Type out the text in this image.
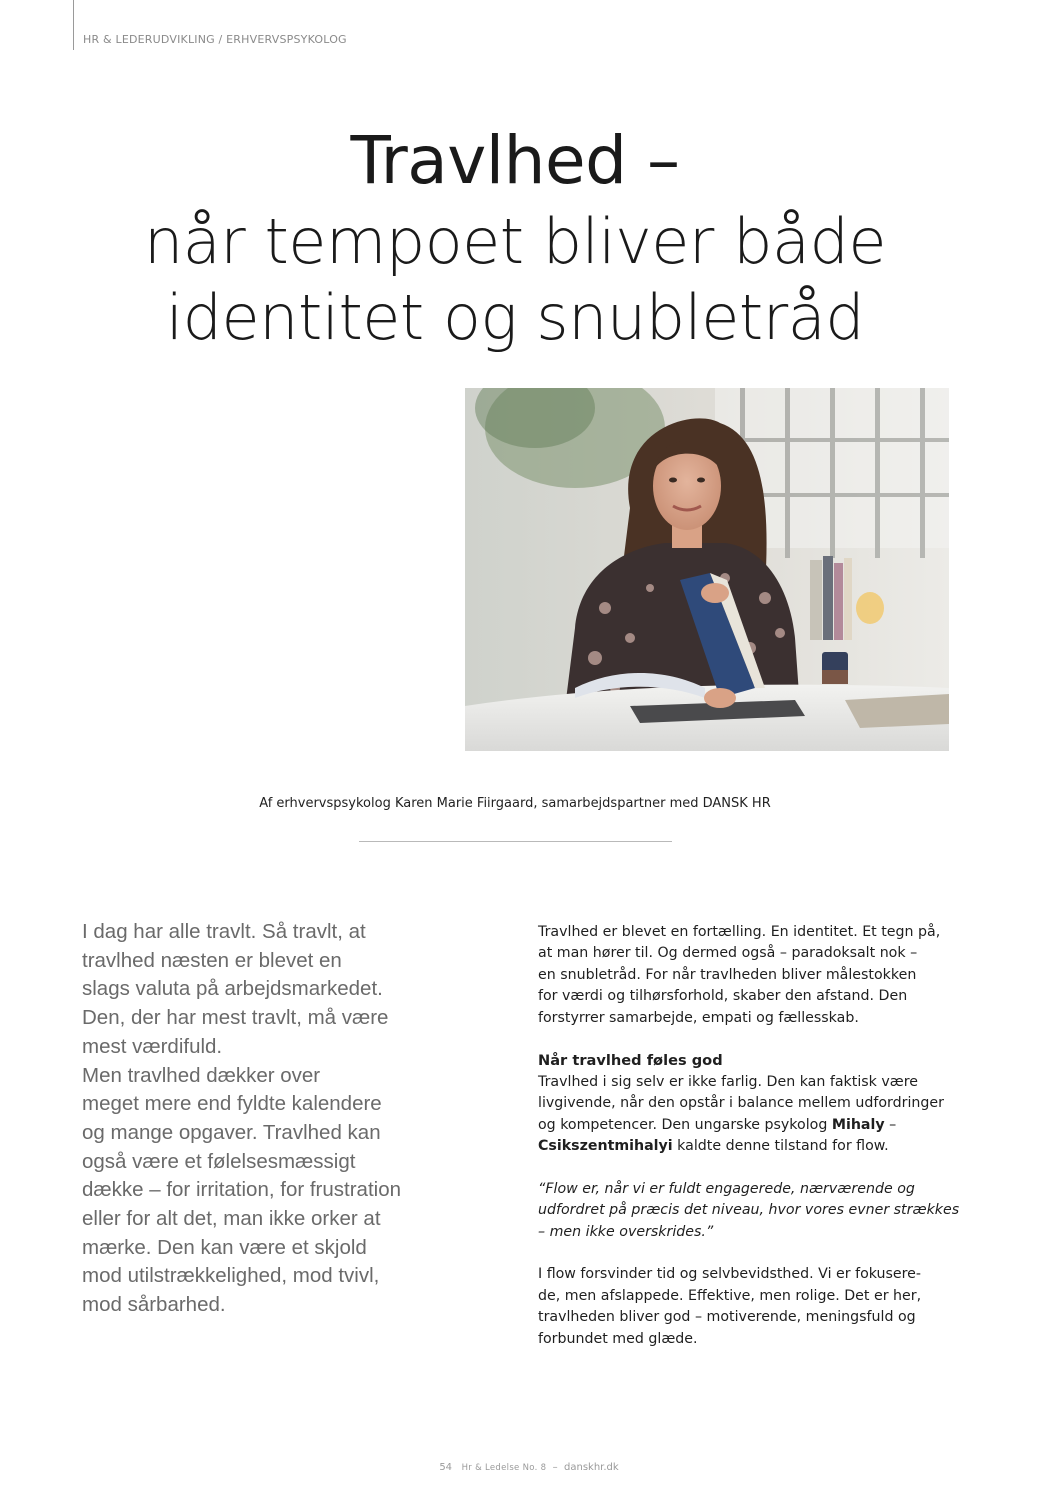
HR & LEDERUDVIKLING / ERHVERVSPSYKOLOG
Travlhed –
når tempoet bliver både
identitet og snubletråd
Af erhvervspsykolog Karen Marie Fiirgaard, samarbejdspartner med DANSK HR

I dag har alle travlt. Så travlt, at

travlhed næsten er blevet en

slags valuta på arbejdsmarkedet.

Den, der har mest travlt, må være

mest værdifuld.

Men travlhed dækker over

meget mere end fyldte kalendere

og mange opgaver. Travlhed kan

også være et følelsesmæssigt

dække – for irritation, for frustration

eller for alt det, man ikke orker at

mærke. Den kan være et skjold

mod utilstrækkelighed, mod tvivl,

mod sårbarhed.

Travlhed er blevet en fortælling. En identitet. Et tegn på,
at man hører til. Og dermed også – paradoksalt nok –
en snubletråd. For når travlheden bliver målestokken
for værdi og tilhørsforhold, skaber den afstand. Den
forstyrrer samarbejde, empati og fællesskab.
Når travlhed føles god
Travlhed i sig selv er ikke farlig. Den kan faktisk være
livgivende, når den opstår i balance mellem udfordringer
og kompetencer. Den ungarske psykolog Mihaly –
Csikszentmihalyi kaldte denne tilstand for flow.
“Flow er, når vi er fuldt engagerede, nærværende og
udfordret på præcis det niveau, hvor vores evner strækkes
– men ikke overskrides.”
I flow forsvinder tid og selvbevidsthed. Vi er fokusere-
de, men afslappede. Effektive, men rolige. Det er her,
travlheden bliver god – motiverende, meningsfuld og
forbundet med glæde.
54 Hr & Ledelse No. 8 – danskhr.dk
